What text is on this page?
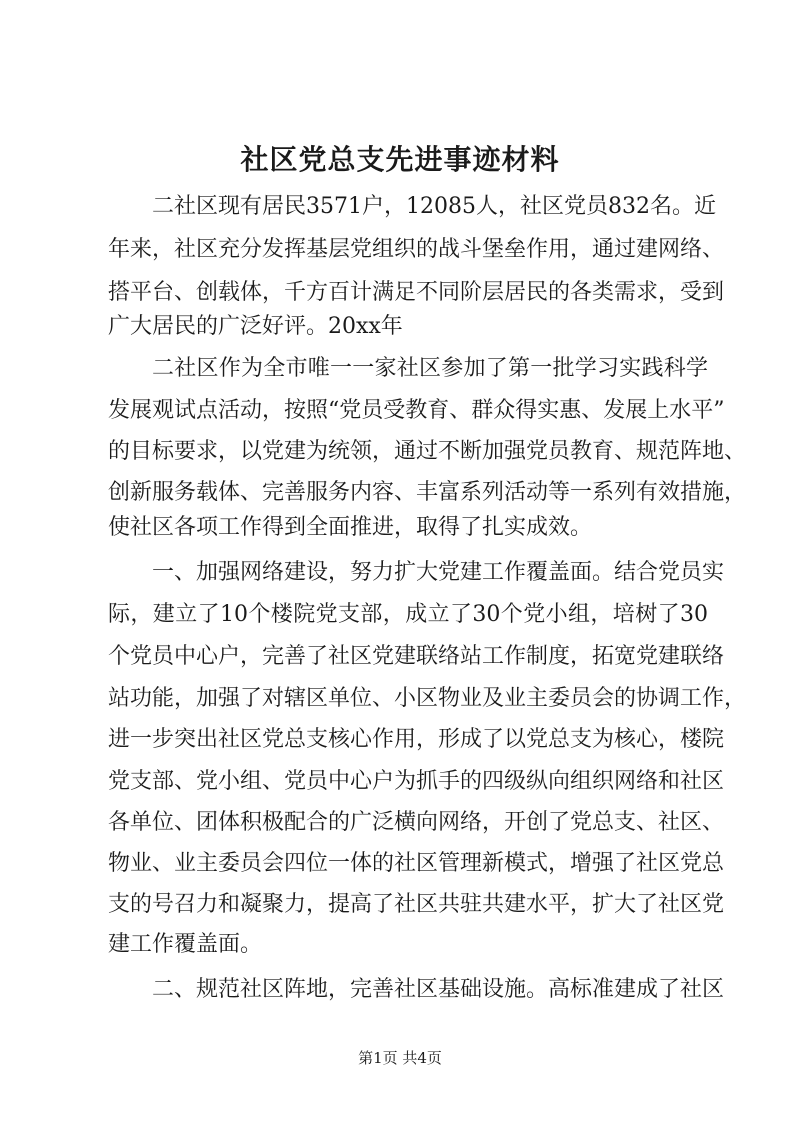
社区党总支先进事迹材料
二社区现有居民3571户，12085人，社区党员832名。近
年来，社区充分发挥基层党组织的战斗堡垒作用，通过建网络、
搭平台、创载体，千方百计满足不同阶层居民的各类需求，受到
广大居民的广泛好评。20xx年
二社区作为全市唯一一家社区参加了第一批学习实践科学
发展观试点活动，按照“党员受教育、群众得实惠、发展上水平”
的目标要求，以党建为统领，通过不断加强党员教育、规范阵地、
创新服务载体、完善服务内容、丰富系列活动等一系列有效措施，
使社区各项工作得到全面推进，取得了扎实成效。
一、加强网络建设，努力扩大党建工作覆盖面。结合党员实
际，建立了10个楼院党支部，成立了30个党小组，培树了30
个党员中心户，完善了社区党建联络站工作制度，拓宽党建联络
站功能，加强了对辖区单位、小区物业及业主委员会的协调工作，
进一步突出社区党总支核心作用，形成了以党总支为核心，楼院
党支部、党小组、党员中心户为抓手的四级纵向组织网络和社区
各单位、团体积极配合的广泛横向网络，开创了党总支、社区、
物业、业主委员会四位一体的社区管理新模式，增强了社区党总
支的号召力和凝聚力，提高了社区共驻共建水平，扩大了社区党
建工作覆盖面。
二、规范社区阵地，完善社区基础设施。高标准建成了社区
第1页 共4页
